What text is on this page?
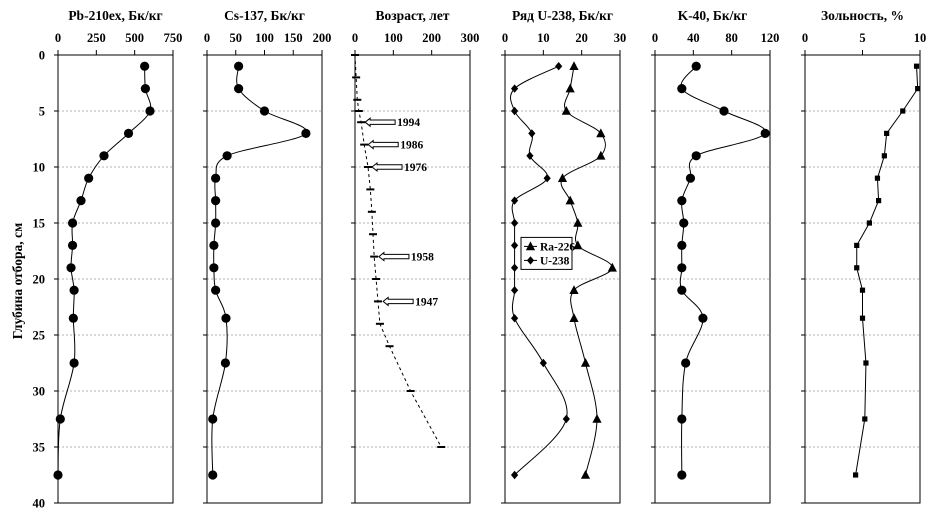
Глубина отбора, см
Pb-210ex, Бк/кг
0 250 500 750
0
5
10
15
20
25
30
35
40
Cs-137, Бк/кг
0 50 100 150 200
Возраст, лет
0 100 200 300
1994
1986
1976
1958
1947
Ряд U-238, Бк/кг
0 10 20 30
Ra-226
U-238
K-40, Бк/кг
0 40 80 120
Зольность, %
0	5	10
